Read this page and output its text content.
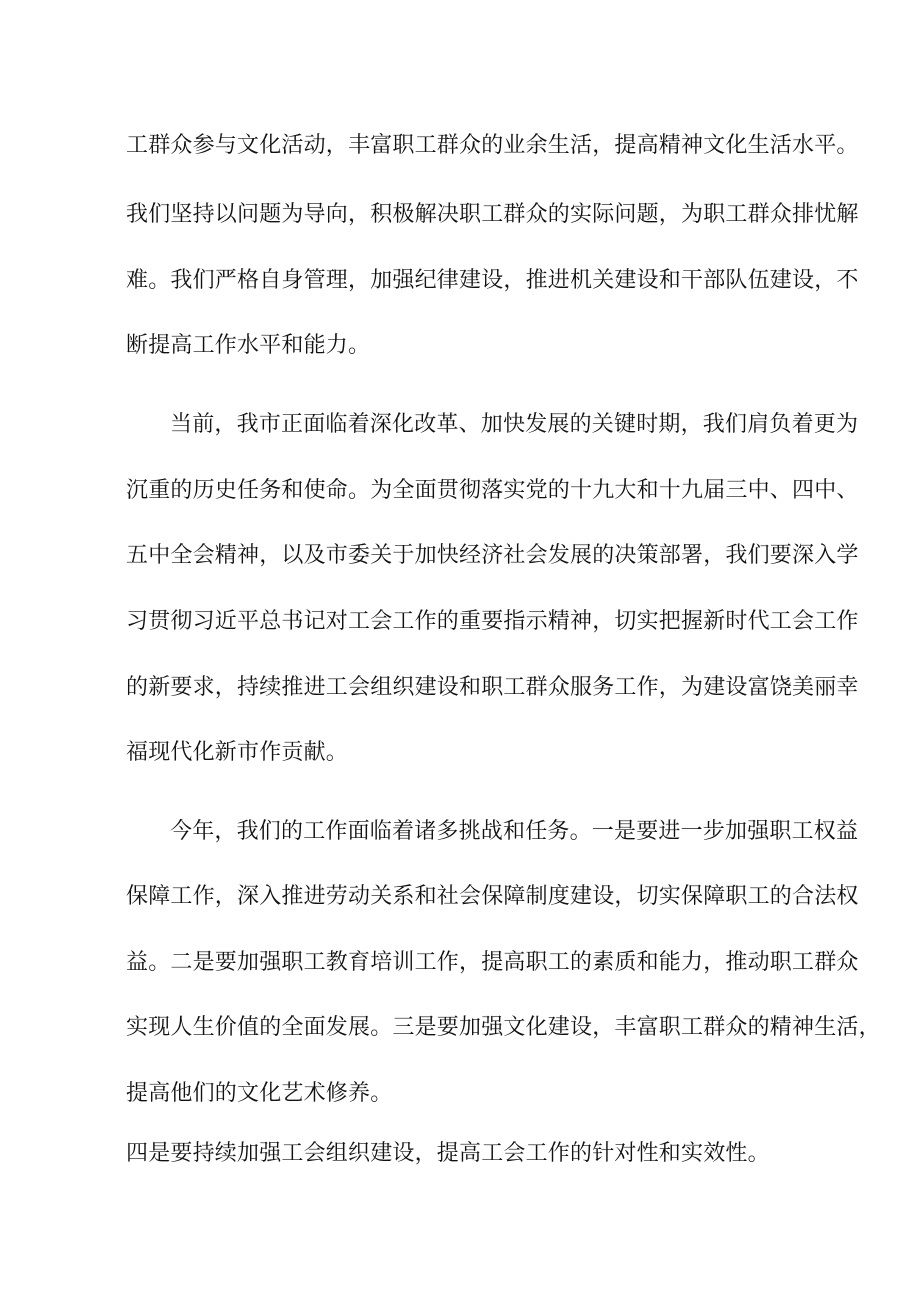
工群众参与文化活动，丰富职工群众的业余生活，提高精神文化生活水平。
我们坚持以问题为导向，积极解决职工群众的实际问题，为职工群众排忧解
难。我们严格自身管理，加强纪律建设，推进机关建设和干部队伍建设，不
断提高工作水平和能力。
当前，我市正面临着深化改革、加快发展的关键时期，我们肩负着更为
沉重的历史任务和使命。为全面贯彻落实党的十九大和十九届三中、四中、
五中全会精神，以及市委关于加快经济社会发展的决策部署，我们要深入学
习贯彻习近平总书记对工会工作的重要指示精神，切实把握新时代工会工作
的新要求，持续推进工会组织建设和职工群众服务工作，为建设富饶美丽幸
福现代化新市作贡献。
今年，我们的工作面临着诸多挑战和任务。一是要进一步加强职工权益
保障工作，深入推进劳动关系和社会保障制度建设，切实保障职工的合法权
益。二是要加强职工教育培训工作，提高职工的素质和能力，推动职工群众
实现人生价值的全面发展。三是要加强文化建设，丰富职工群众的精神生活，
提高他们的文化艺术修养。
四是要持续加强工会组织建设，提高工会工作的针对性和实效性。
